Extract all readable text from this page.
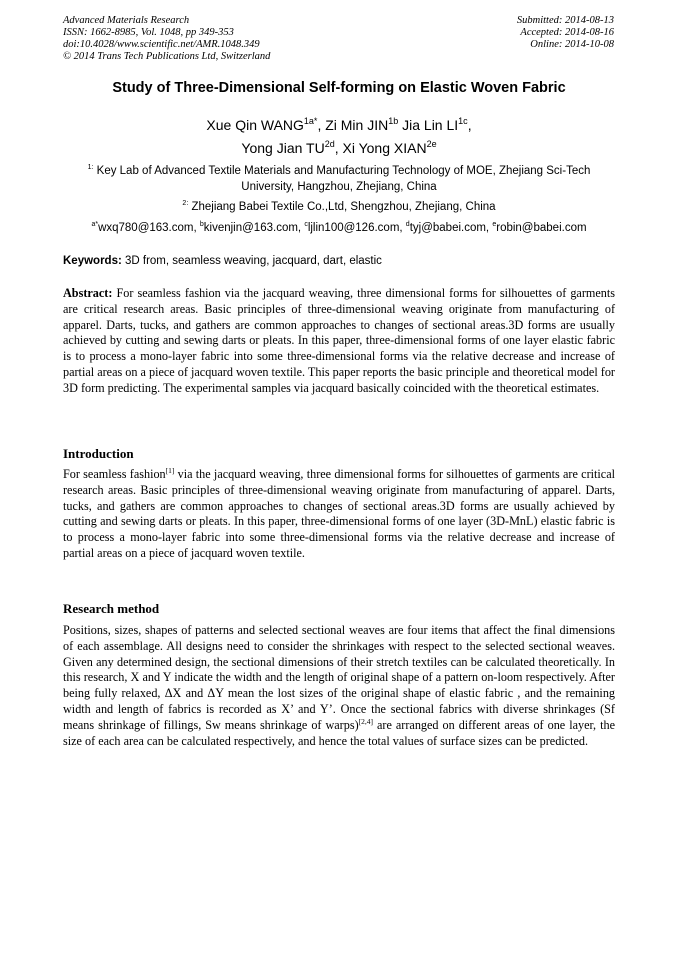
Advanced Materials Research
ISSN: 1662-8985, Vol. 1048, pp 349-353
doi:10.4028/www.scientific.net/AMR.1048.349
© 2014 Trans Tech Publications Ltd, Switzerland
Submitted: 2014-08-13
Accepted: 2014-08-16
Online: 2014-10-08
Study of Three-Dimensional Self-forming on Elastic Woven Fabric
Xue Qin $WANG^{1a*}$, Zi Min $JIN^{1b}$ Jia Lin $LI^{1c}$,
Yong Jian $TU^{2d}$, Xi Yong $XIAN^{2e}$
$^{1:}$ Key Lab of Advanced Textile Materials and Manufacturing Technology of MOE, Zhejiang Sci-Tech University, Hangzhou, Zhejiang, China
$^{2:}$ Zhejiang Babei Textile Co.,Ltd, Shengzhou, Zhejiang, China
$^{a*}$wxq780@163.com, $^b$kivenjin@163.com, $^c$ljlin100@126.com, $^d$tyj@babei.com, $^e$robin@babei.com
Keywords: 3D from, seamless weaving, jacquard, dart, elastic
Abstract: For seamless fashion via the jacquard weaving, three dimensional forms for silhouettes of garments are critical research areas. Basic principles of three-dimensional weaving originate from manufacturing of apparel. Darts, tucks, and gathers are common approaches to changes of sectional areas.3D forms are usually achieved by cutting and sewing darts or pleats. In this paper, three-dimensional forms of one layer elastic fabric is to process a mono-layer fabric into some three-dimensional forms via the relative decrease and increase of partial areas on a piece of jacquard woven textile. This paper reports the basic principle and theoretical model for 3D form predicting. The experimental samples via jacquard basically coincided with the theoretical estimates.
Introduction
For seamless fashion[1] via the jacquard weaving, three dimensional forms for silhouettes of garments are critical research areas. Basic principles of three-dimensional weaving originate from manufacturing of apparel. Darts, tucks, and gathers are common approaches to changes of sectional areas.3D forms are usually achieved by cutting and sewing darts or pleats. In this paper, three-dimensional forms of one layer (3D-MnL) elastic fabric is to process a mono-layer fabric into some three-dimensional forms via the relative decrease and increase of partial areas on a piece of jacquard woven textile.
Research method
Positions, sizes, shapes of patterns and selected sectional weaves are four items that affect the final dimensions of each assemblage. All designs need to consider the shrinkages with respect to the selected sectional weaves. Given any determined design, the sectional dimensions of their stretch textiles can be calculated theoretically. In this research, X and Y indicate the width and the length of original shape of a pattern on-loom respectively. After being fully relaxed, ΔX and ΔY mean the lost sizes of the original shape of elastic fabric , and the remaining width and length of fabrics is recorded as X’ and Y’. Once the sectional fabrics with diverse shrinkages (Sf means shrinkage of fillings, Sw means shrinkage of warps)[2,4] are arranged on different areas of one layer, the size of each area can be calculated respectively, and hence the total values of surface sizes can be predicted.
